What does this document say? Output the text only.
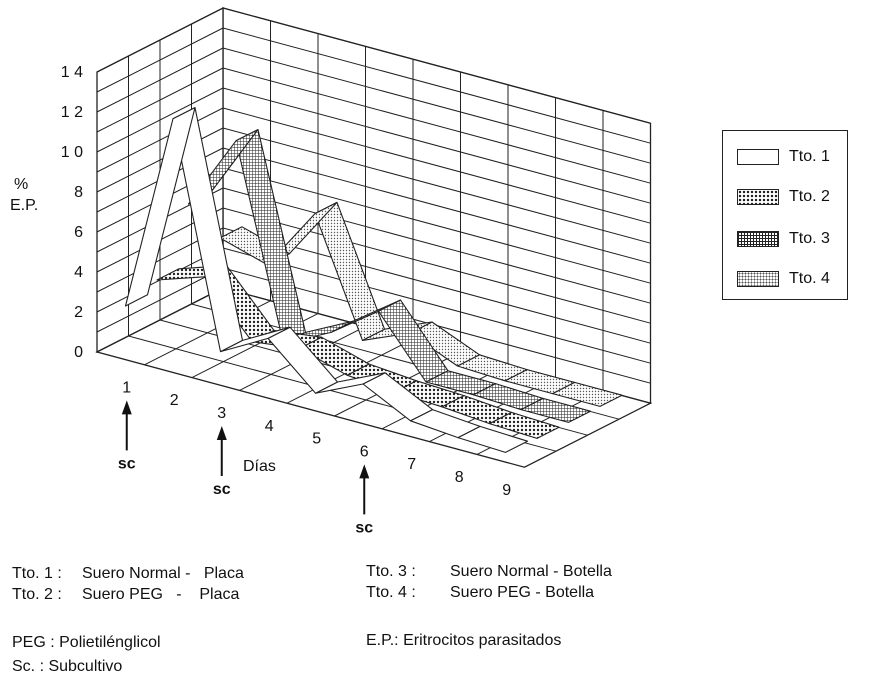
0
2
4
6
8
1 0
1 2
1 4
1
2
3
4
5
6
7
8
9
sc
sc
sc
%
E.P.
Días
Tto. 1
Tto. 2
Tto. 3
Tto. 4
Tto. 1 :	Suero Normal -   Placa
Tto. 2 :	Suero PEG   -    Placa
Tto. 3 :	Suero Normal - Botella
Tto. 4 :	Suero PEG - Botella
PEG : Polietilénglicol
Sc. : Subcultivo
E.P.: Eritrocitos parasitados
